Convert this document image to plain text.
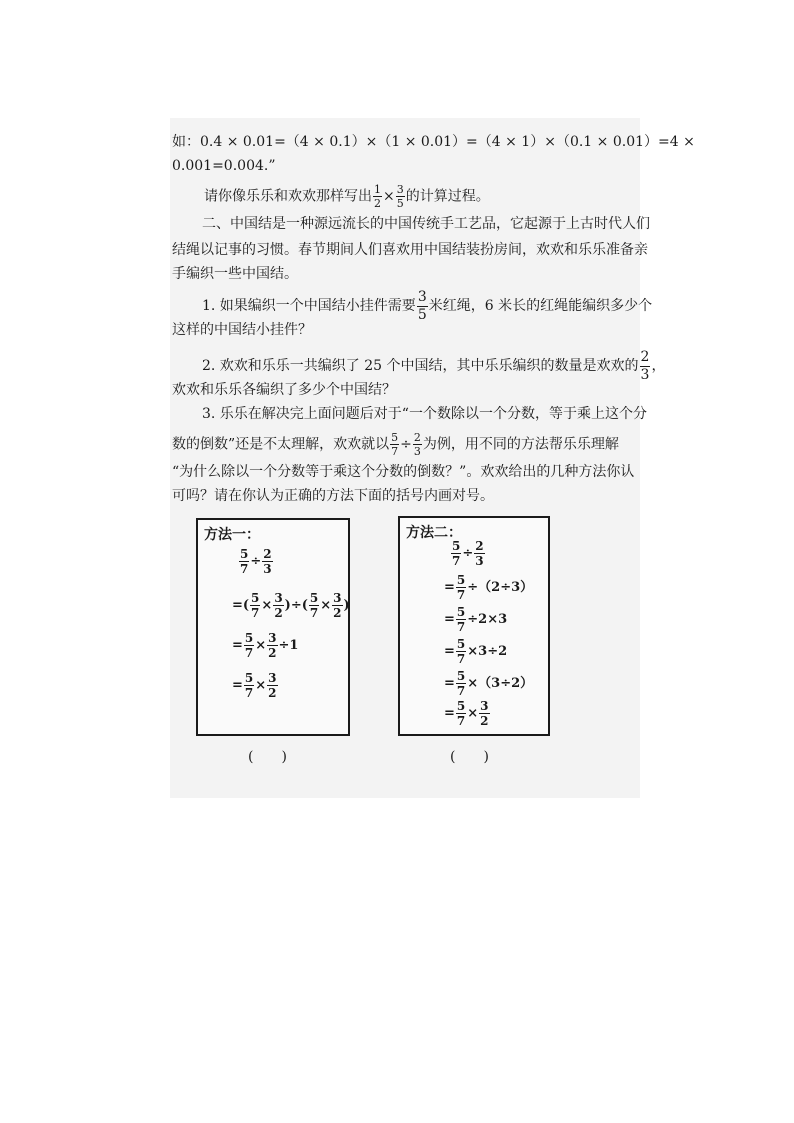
如：0.4 × 0.01=（4 × 0.1）×（1 × 0.01）=（4 × 1）×（0.1 × 0.01）=4 ×
0.001=0.004.”
请你像乐乐和欢欢那样写出 $\frac{1}{2} \times \frac{3}{5}$ 的计算过程。
二、中国结是一种源远流长的中国传统手工艺品，它起源于上古时代人们
结绳以记事的习惯。春节期间人们喜欢用中国结装扮房间，欢欢和乐乐准备亲
手编织一些中国结。
1. 如果编织一个中国结小挂件需要 $\frac{3}{5}$ 米红绳，6 米长的红绳能编织多少个
这样的中国结小挂件？
2. 欢欢和乐乐一共编织了 25 个中国结，其中乐乐编织的数量是欢欢的 $\frac{2}{3}$ ，
欢欢和乐乐各编织了多少个中国结？
3. 乐乐在解决完上面问题后对于“一个数除以一个分数，等于乘上这个分
数的倒数”还是不太理解，欢欢就以 $\frac{5}{7} \div \frac{2}{3}$ 为例，用不同的方法帮乐乐理解
“为什么除以一个分数等于乘这个分数的倒数？”。欢欢给出的几种方法你认
可吗？请在你认为正确的方法下面的括号内画对号。
方法一：
$\frac{5}{7} \div \frac{2}{3}$
=( $\frac{5}{7} \times \frac{3}{2}$ )÷( $\frac{5}{7} \times \frac{3}{2}$ )
= $\frac{5}{7} \times \frac{3}{2} \div 1$
= $\frac{5}{7} \times \frac{3}{2}$
(　　)
方法二：
$\frac{5}{7} \div \frac{2}{3}$
= $\frac{5}{7} \div(2\div 3)$
= $\frac{5}{7} \div 2\times 3$
= $\frac{5}{7} \times 3\div 2$
= $\frac{5}{7} \times(3\div 2)$
= $\frac{5}{7} \times \frac{3}{2}$
(　　)
